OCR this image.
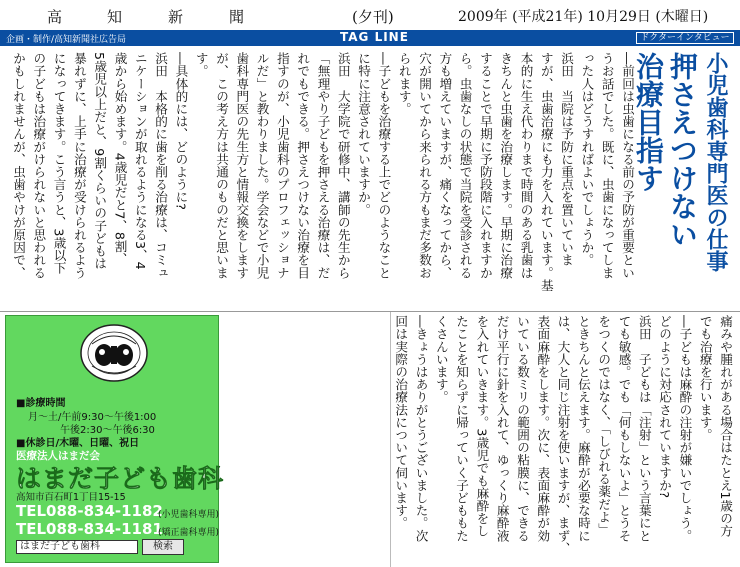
高	知	新	聞	(夕刊)	2009年 (平成21年) 10月29日 (木曜日)
企画・制作/高知新聞社広告局	TAG LINE	ドクターインタビュー
小児歯科専門医の仕事
押さえつけない
治療目指す
―前回は虫歯になる前の予防が重要とい
うお話でした。既に、虫歯になってしま
った人はどうすればよいでしょうか。
浜田　当院は予防に重点を置いていま
すが、虫歯治療にも力を入れています。基
本的に生え代わりまで時間のある乳歯は
きちんと虫歯を治療します。早期に治療
することで早期に予防段階に入れますか
ら。虫歯なしの状態で当院を受診される
方も増えていますが、痛くなってから、
穴が開いてから来られる方もまだ多数お
られます。
―子どもを治療する上でどのようなこと
に特に注意されていますか。
浜田　大学院で研修中、講師の先生から
「無理やり子どもを押さえる治療は、だ
れでもできる。押さえつけない治療を目
指すのが、小児歯科のプロフェッショナ
ルだ」と教わりました。学会などで小児
歯科専門医の先生方と情報交換をします
が、この考え方は共通のものだと思いま
す。
―具体的には、どのように?
浜田　本格的に歯を削る治療は、コミュ
ニケーションが取れるようになる3、4
歳から始めます。4歳児だと7、8割、
5歳児以上だと、9割くらいの子どもは
暴れずに、上手に治療が受けられるよう
になってきます。こう言うと、3歳以下
の子どもは治療がけられないと思われる
かもしれませんが、虫歯やけが原因で、
痛みや腫れがある場合はたとえ1歳の方
でも治療を行います。
―子どもは麻酔の注射が嫌いでしょう。
どのように対応されていますか?
浜田　子どもは「注射」という言葉にと
ても敏感。でも「何もしないよ」とうそ
をつくのではなく、「しびれる薬だよ」
ときちんと伝えます。麻酔が必要な時に
は、大人と同じ注射を使いますが、まず、
表面麻酔をします。次に、表面麻酔が効
いている数ミリの範囲の粘膜に、できる
だけ平行に針を入れて、ゆっくり麻酔液
を入れていきます。3歳児でも麻酔をし
たことを知らずに帰っていく子どももた
くさんいます。
―きょうはありがとうございました。次
回は実際の治療法について伺います。
■診療時間
月～土/午前9:30～午後1:00
午後2:30～午後6:30
■休診日/木曜、日曜、祝日
医療法人はまだ会
はまだ子ども歯科
高知市百石町1丁目15-15
TEL088-834-1182
(小児歯科専用)
TEL088-834-1181
(矯正歯科専用)
はまだ子ども歯科	検索
